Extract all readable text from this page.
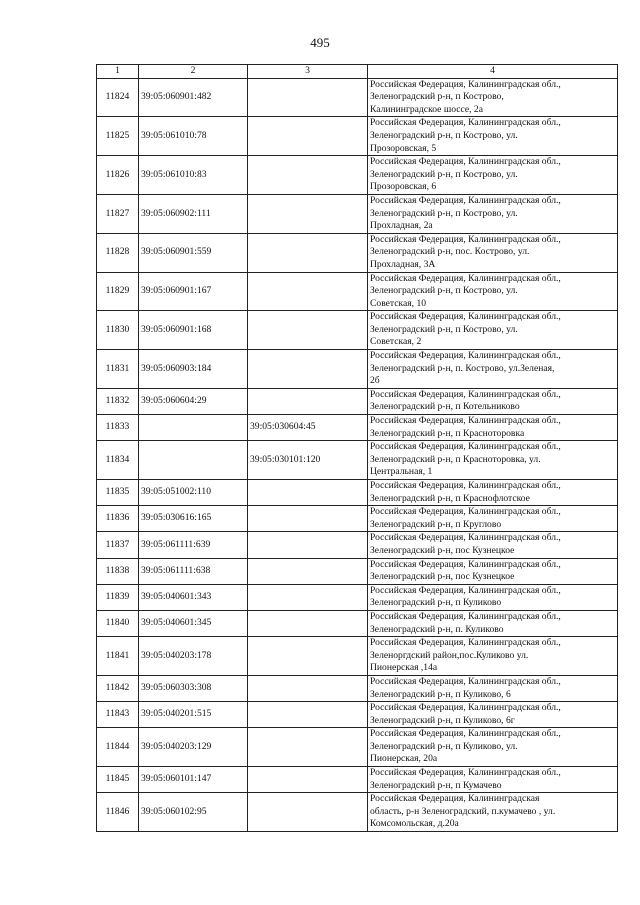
495
1	2	3	4
11824	39:05:060901:482		Российская Федерация, Калининградская обл.,
Зеленоградский р-н, п Кострово,
Калининградское шоссе, 2а

11825	39:05:061010:78		Российская Федерация, Калининградская обл.,
Зеленоградский р-н, п Кострово, ул.
Прозоровская, 5

11826	39:05:061010:83		Российская Федерация, Калининградская обл.,
Зеленоградский р-н, п Кострово, ул.
Прозоровская, 6

11827	39:05:060902:111		Российская Федерация, Калининградская обл.,
Зеленоградский р-н, п Кострово, ул.
Прохладная, 2а

11828	39:05:060901:559		Российская Федерация, Калининградская обл.,
Зеленоградский р-н, пос. Кострово, ул.
Прохладная, 3А

11829	39:05:060901:167		Российская Федерация, Калининградская обл.,
Зеленоградский р-н, п Кострово, ул.
Советская, 10

11830	39:05:060901:168		Российская Федерация, Калининградская обл.,
Зеленоградский р-н, п Кострово, ул.
Советская, 2

11831	39:05:060903:184		Российская Федерация, Калининградская обл.,
Зеленоградский р-н, п. Кострово, ул.Зеленая,
2б

11832	39:05:060604:29		Российская Федерация, Калининградская обл.,
Зеленоградский р-н, п Котельниково

11833		39:05:030604:45	Российская Федерация, Калининградская обл.,
Зеленоградский р-н, п Красноторовка

11834		39:05:030101:120	Российская Федерация, Калининградская обл.,
Зеленоградский р-н, п Красноторовка, ул.
Центральная, 1

11835	39:05:051002:110		Российская Федерация, Калининградская обл.,
Зеленоградский р-н, п Краснофлотское

11836	39:05:030616:165		Российская Федерация, Калининградская обл.,
Зеленоградский р-н, п Круглово

11837	39:05:061111:639		Российская Федерация, Калининградская обл.,
Зеленоградский р-н, пос Кузнецкое

11838	39:05:061111:638		Российская Федерация, Калининградская обл.,
Зеленоградский р-н, пос Кузнецкое

11839	39:05:040601:343		Российская Федерация, Калининградская обл.,
Зеленоградский р-н, п Куликово

11840	39:05:040601:345		Российская Федерация, Калининградская обл.,
Зеленоградский р-н, п. Куликово

11841	39:05:040203:178		Российская Федерация, Калининградская обл.,
Зеленоргдский район,пос.Куликово ул.
Пионерская ,14а

11842	39:05:060303:308		Российская Федерация, Калининградская обл.,
Зеленоградский р-н, п Куликово, 6

11843	39:05:040201:515		Российская Федерация, Калининградская обл.,
Зеленоградский р-н, п Куликово, 6г

11844	39:05:040203:129		Российская Федерация, Калининградская обл.,
Зеленоградский р-н, п Куликово, ул.
Пионерская, 20а

11845	39:05:060101:147		Российская Федерация, Калининградская обл.,
Зеленоградский р-н, п Кумачево

11846	39:05:060102:95		Российская Федерация, Калининградская
область, р-н Зеленоградский, п.кумачево , ул.
Комсомольская, д.20а
